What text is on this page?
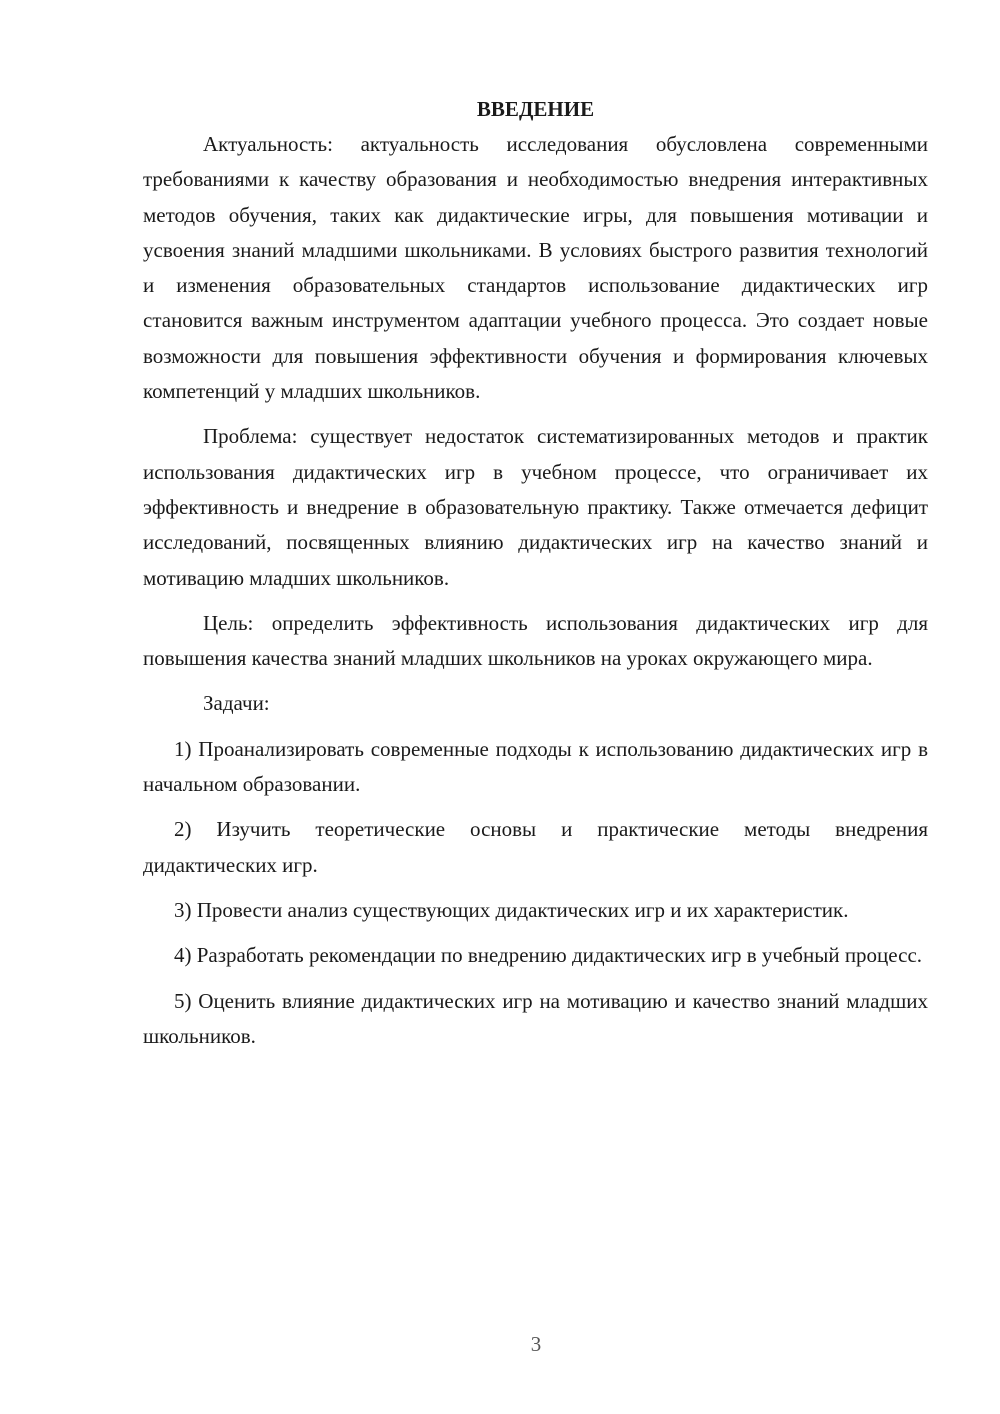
ВВЕДЕНИЕ

Актуальность: актуальность исследования обусловлена современными требованиями к качеству образования и необходимостью внедрения интерактивных методов обучения, таких как дидактические игры, для повышения мотивации и усвоения знаний младшими школьниками. В условиях быстрого развития технологий и изменения образовательных стандартов использование дидактических игр становится важным инструментом адаптации учебного процесса. Это создает новые возможности для повышения эффективности обучения и формирования ключевых компетенций у младших школьников.

Проблема: существует недостаток систематизированных методов и практик использования дидактических игр в учебном процессе, что ограничивает их эффективность и внедрение в образовательную практику. Также отмечается дефицит исследований, посвященных влиянию дидактических игр на качество знаний и мотивацию младших школьников.

Цель: определить эффективность использования дидактических игр для повышения качества знаний младших школьников на уроках окружающего мира.

Задачи:

1) Проанализировать современные подходы к использованию дидактических игр в начальном образовании.

2) Изучить теоретические основы и практические методы внедрения дидактических игр.

3) Провести анализ существующих дидактических игр и их характеристик.

4) Разработать рекомендации по внедрению дидактических игр в учебный процесс.

5) Оценить влияние дидактических игр на мотивацию и качество знаний младших школьников.

3
